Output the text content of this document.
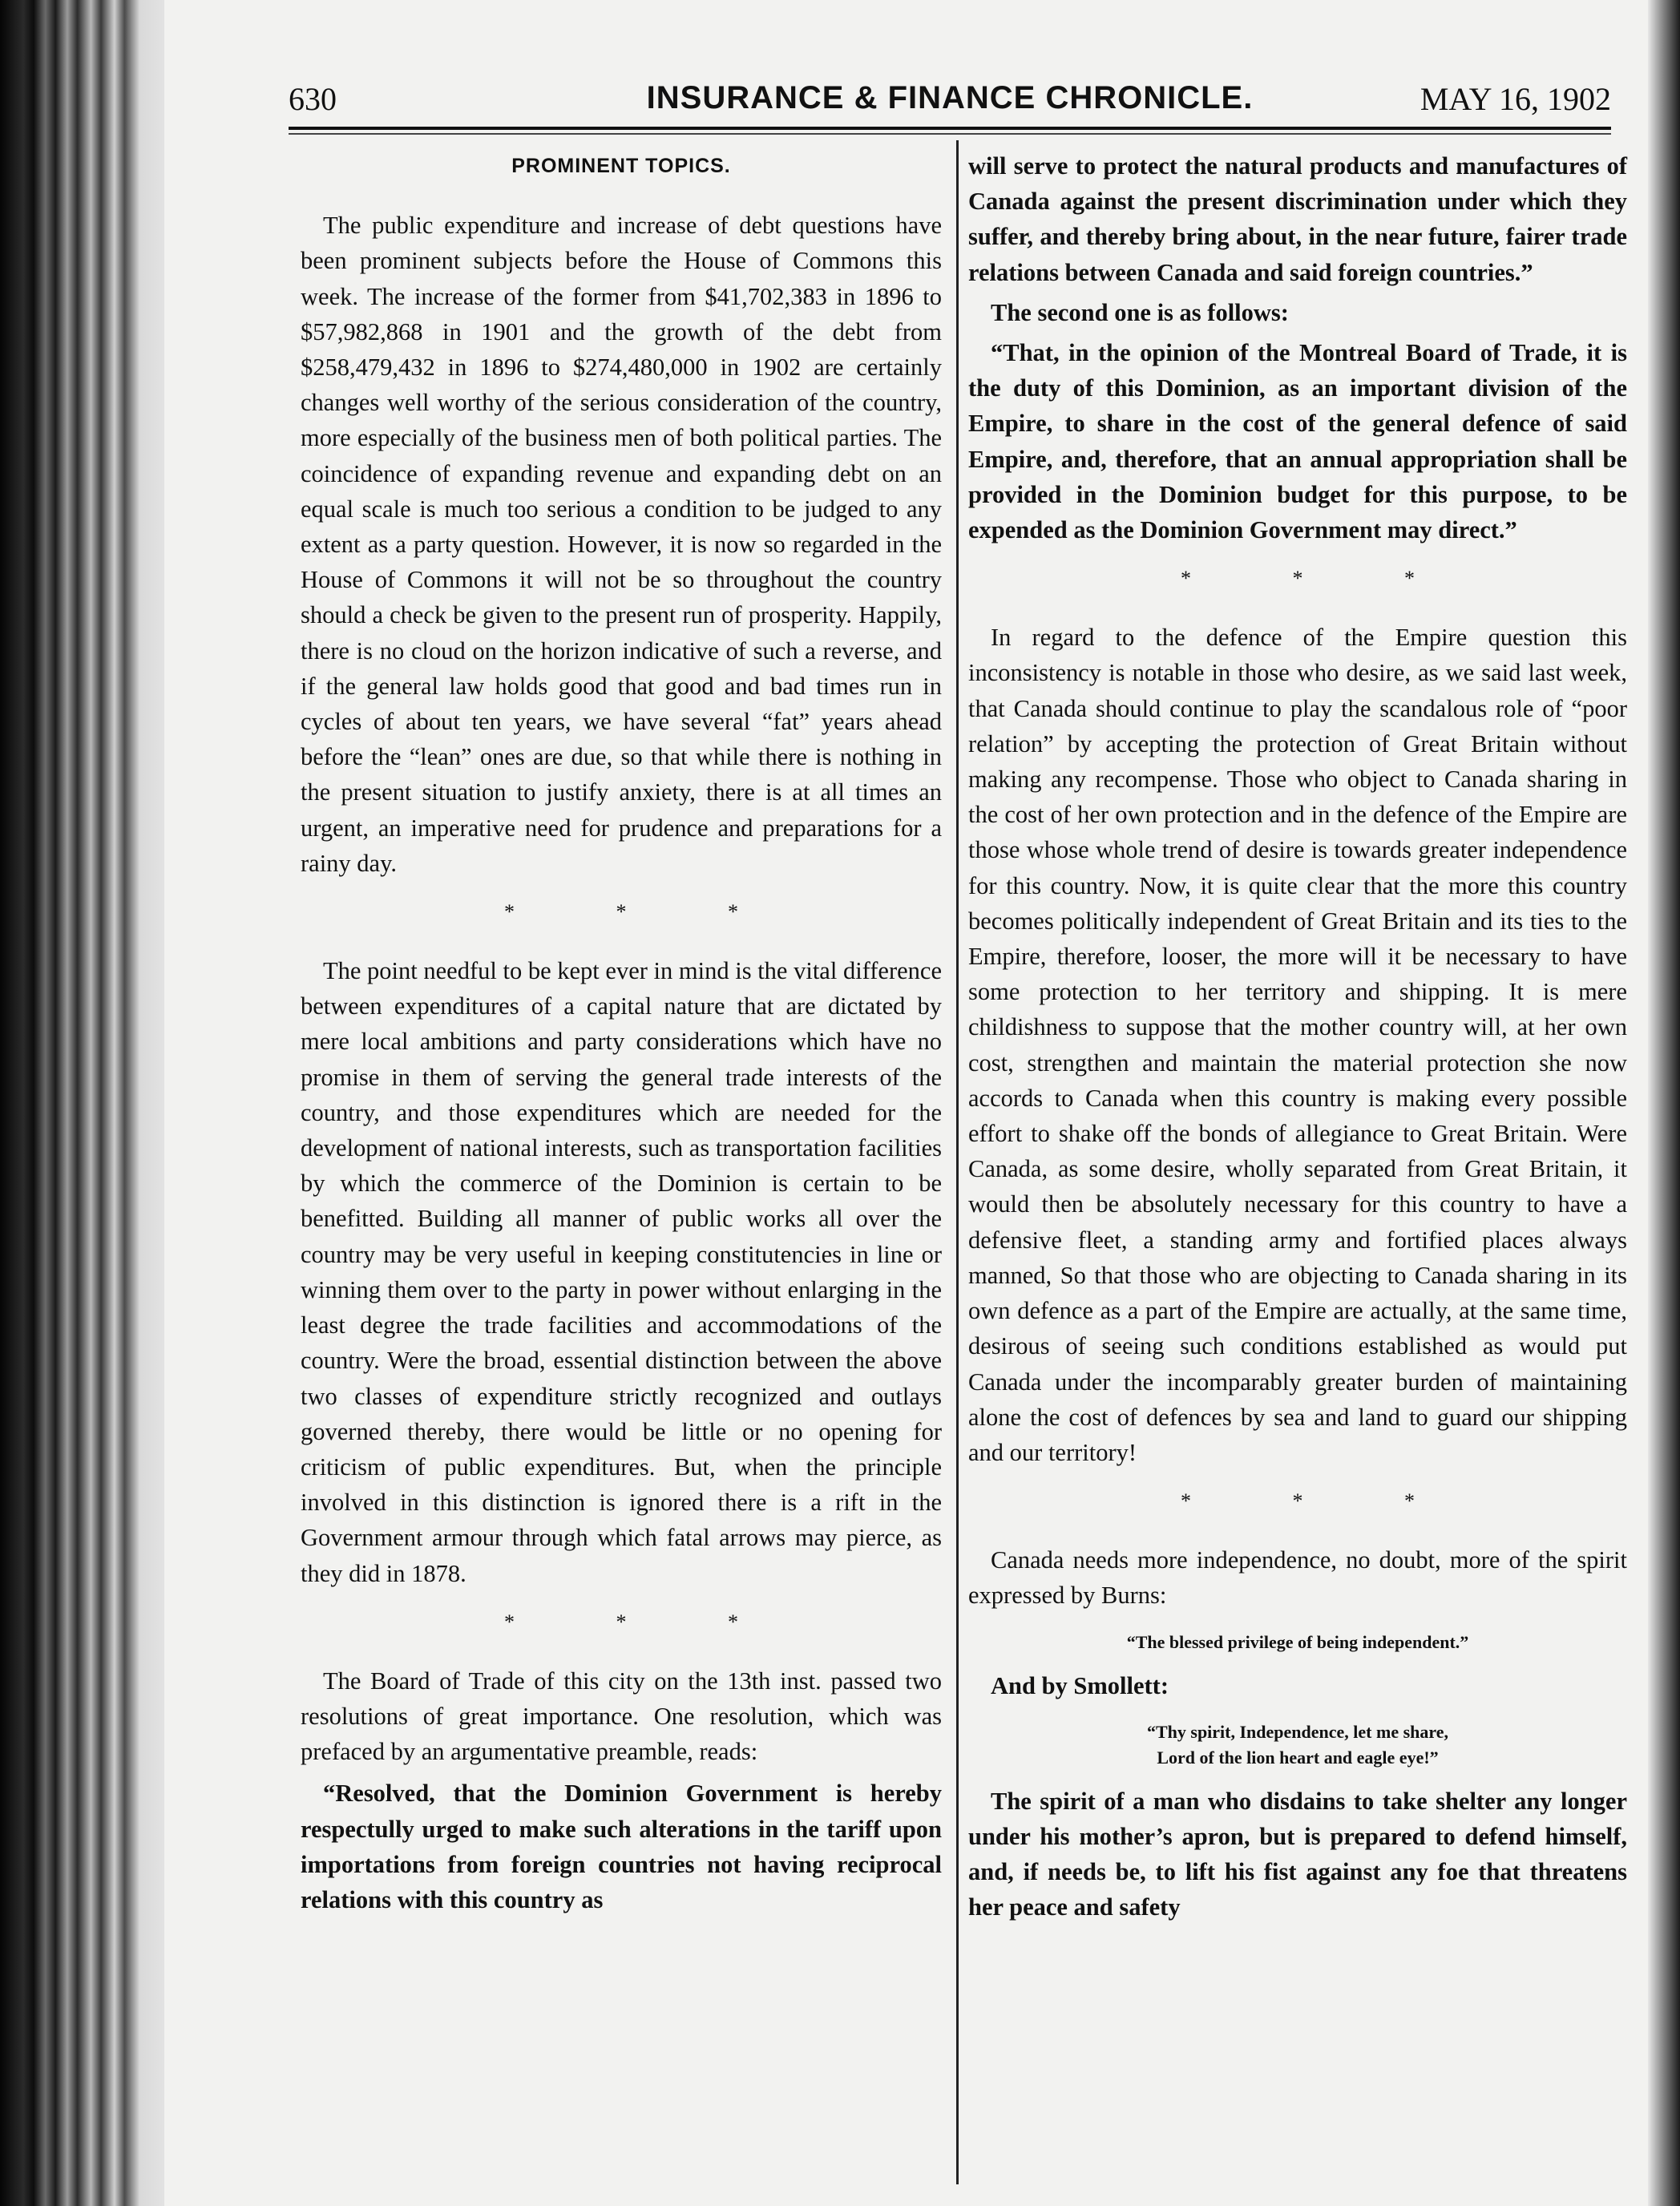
630	INSURANCE & FINANCE CHRONICLE.	MAY 16, 1902
PROMINENT TOPICS.

The public expenditure and increase of debt questions have been prominent subjects before the House of Commons this week. The increase of the former from $41,702,383 in 1896 to $57,982,868 in 1901 and the growth of the debt from $258,479,432 in 1896 to $274,480,000 in 1902 are certainly changes well worthy of the serious consideration of the country, more especially of the business men of both political parties. The coincidence of expanding revenue and expanding debt on an equal scale is much too serious a condition to be judged to any extent as a party question. However, it is now so regarded in the House of Commons it will not be so throughout the country should a check be given to the present run of prosperity. Happily, there is no cloud on the horizon indicative of such a reverse, and if the general law holds good that good and bad times run in cycles of about ten years, we have several “fat” years ahead before the “lean” ones are due, so that while there is nothing in the present situation to justify anxiety, there is at all times an urgent, an imperative need for prudence and preparations for a rainy day.

* * *

The point needful to be kept ever in mind is the vital difference between expenditures of a capital nature that are dictated by mere local ambitions and party considerations which have no promise in them of serving the general trade interests of the country, and those expenditures which are needed for the development of national interests, such as transportation facilities by which the commerce of the Dominion is certain to be benefitted. Building all manner of public works all over the country may be very useful in keeping constitutencies in line or winning them over to the party in power without enlarging in the least degree the trade facilities and accommodations of the country. Were the broad, essential distinction between the above two classes of expenditure strictly recognized and outlays governed thereby, there would be little or no opening for criticism of public expenditures. But, when the principle involved in this distinction is ignored there is a rift in the Government armour through which fatal arrows may pierce, as they did in 1878.

* * *

The Board of Trade of this city on the 13th inst. passed two resolutions of great importance. One resolution, which was prefaced by an argumentative preamble, reads:

“Resolved, that the Dominion Government is hereby respectully urged to make such alterations in the tariff upon importations from foreign countries not having reciprocal relations with this country as

will serve to protect the natural products and manufactures of Canada against the present discrimination under which they suffer, and thereby bring about, in the near future, fairer trade relations between Canada and said foreign countries.”

The second one is as follows:

“That, in the opinion of the Montreal Board of Trade, it is the duty of this Dominion, as an important division of the Empire, to share in the cost of the general defence of said Empire, and, therefore, that an annual appropriation shall be provided in the Dominion budget for this purpose, to be expended as the Dominion Government may direct.”

* * *

In regard to the defence of the Empire question this inconsistency is notable in those who desire, as we said last week, that Canada should continue to play the scandalous role of “poor relation” by accepting the protection of Great Britain without making any recompense. Those who object to Canada sharing in the cost of her own protection and in the defence of the Empire are those whose whole trend of desire is towards greater independence for this country. Now, it is quite clear that the more this country becomes politically independent of Great Britain and its ties to the Empire, therefore, looser, the more will it be necessary to have some protection to her territory and shipping. It is mere childishness to suppose that the mother country will, at her own cost, strengthen and maintain the material protection she now accords to Canada when this country is making every possible effort to shake off the bonds of allegiance to Great Britain. Were Canada, as some desire, wholly separated from Great Britain, it would then be absolutely necessary for this country to have a defensive fleet, a standing army and fortified places always manned, So that those who are objecting to Canada sharing in its own defence as a part of the Empire are actually, at the same time, desirous of seeing such conditions established as would put Canada under the incomparably greater burden of maintaining alone the cost of defences by sea and land to guard our shipping and our territory!

* * *

Canada needs more independence, no doubt, more of the spirit expressed by Burns:

“The blessed privilege of being independent.”

And by Smollett:

“Thy spirit, Independence, let me share,
Lord of the lion heart and eagle eye!”

The spirit of a man who disdains to take shelter any longer under his mother’s apron, but is prepared to defend himself, and, if needs be, to lift his fist against any foe that threatens her peace and safety
